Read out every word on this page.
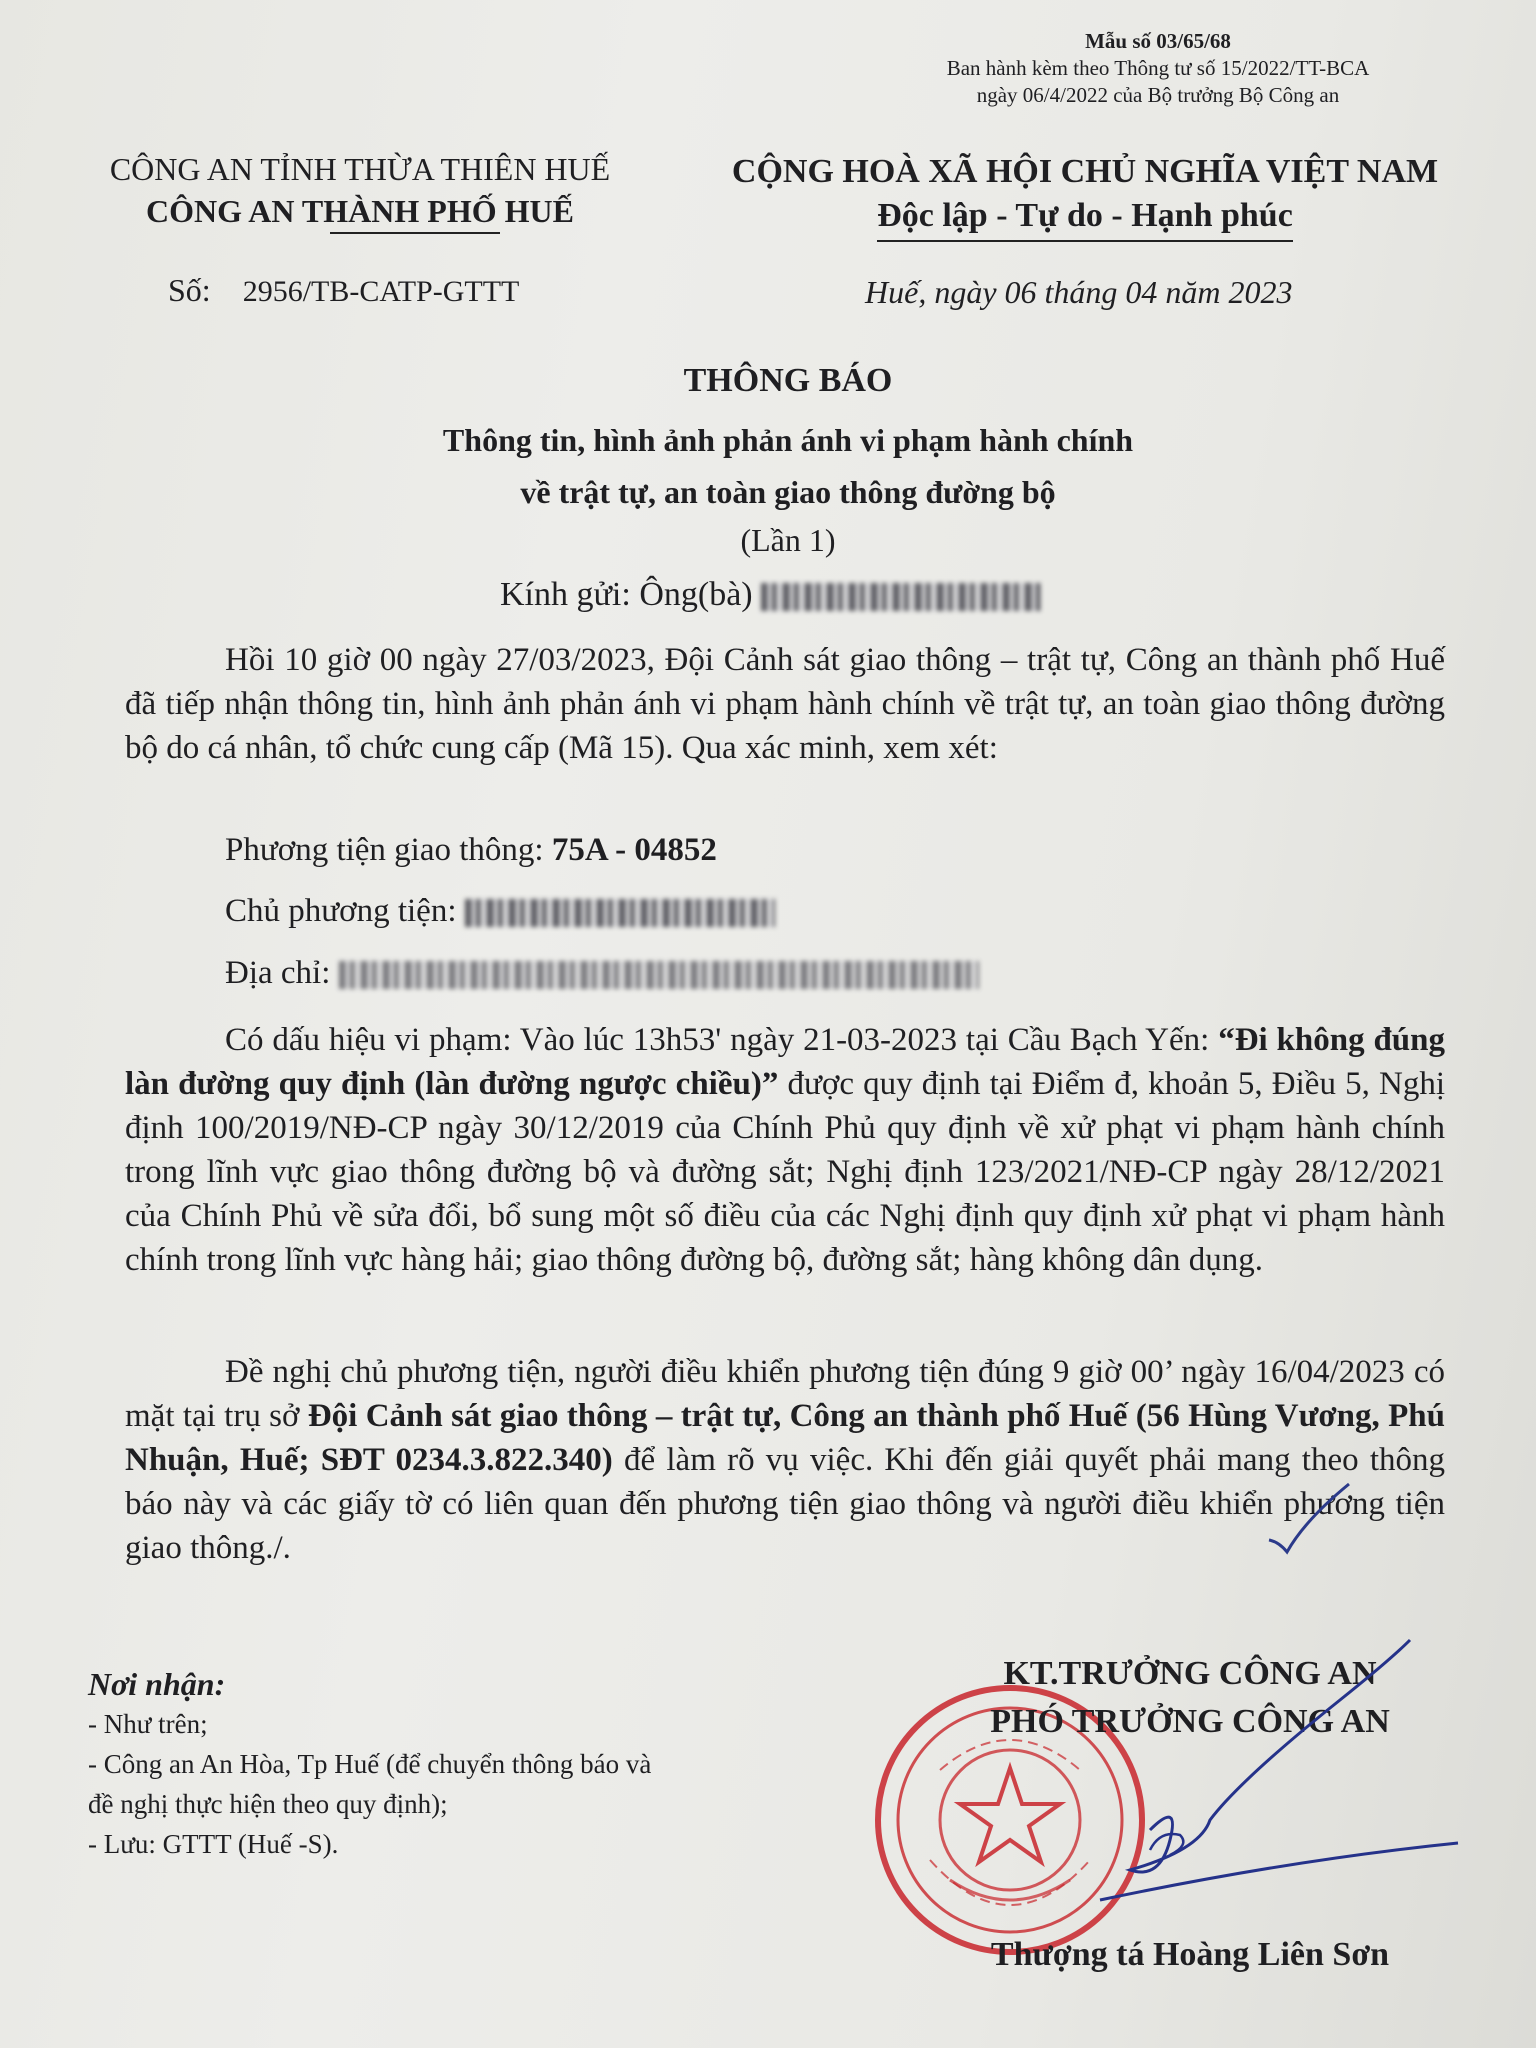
Mẫu số 03/65/68
Ban hành kèm theo Thông tư số 15/2022/TT-BCA
ngày 06/4/2022 của Bộ trưởng Bộ Công an
CÔNG AN TỈNH THỪA THIÊN HUẾ
CÔNG AN THÀNH PHỐ HUẾ
CỘNG HOÀ XÃ HỘI CHỦ NGHĨA VIỆT NAM
Độc lập - Tự do - Hạnh phúc
Số: 2956/TB-CATP-GTTT	Huế, ngày 06 tháng 04 năm 2023
THÔNG BÁO
Thông tin, hình ảnh phản ánh vi phạm hành chính
về trật tự, an toàn giao thông đường bộ
(Lần 1)
Kính gửi: Ông(bà)
Hồi 10 giờ 00 ngày 27/03/2023, Đội Cảnh sát giao thông – trật tự, Công an thành phố Huế đã tiếp nhận thông tin, hình ảnh phản ánh vi phạm hành chính về trật tự, an toàn giao thông đường bộ do cá nhân, tổ chức cung cấp (Mã 15). Qua xác minh, xem xét:
Phương tiện giao thông: 75A - 04852
Chủ phương tiện:
Địa chỉ:
Có dấu hiệu vi phạm: Vào lúc 13h53' ngày 21-03-2023 tại Cầu Bạch Yến: “Đi không đúng làn đường quy định (làn đường ngược chiều)” được quy định tại Điểm đ, khoản 5, Điều 5, Nghị định 100/2019/NĐ-CP ngày 30/12/2019 của Chính Phủ quy định về xử phạt vi phạm hành chính trong lĩnh vực giao thông đường bộ và đường sắt; Nghị định 123/2021/NĐ-CP ngày 28/12/2021 của Chính Phủ về sửa đổi, bổ sung một số điều của các Nghị định quy định xử phạt vi phạm hành chính trong lĩnh vực hàng hải; giao thông đường bộ, đường sắt; hàng không dân dụng.
Đề nghị chủ phương tiện, người điều khiển phương tiện đúng 9 giờ 00’ ngày 16/04/2023 có mặt tại trụ sở Đội Cảnh sát giao thông – trật tự, Công an thành phố Huế (56 Hùng Vương, Phú Nhuận, Huế; SĐT 0234.3.822.340) để làm rõ vụ việc. Khi đến giải quyết phải mang theo thông báo này và các giấy tờ có liên quan đến phương tiện giao thông và người điều khiển phương tiện giao thông./.
Nơi nhận:
- Như trên;
- Công an An Hòa, Tp Huế (để chuyển thông báo và
đề nghị thực hiện theo quy định);
- Lưu: GTTT (Huế -S).
KT.TRƯỞNG CÔNG AN
PHÓ TRƯỞNG CÔNG AN
Thượng tá Hoàng Liên Sơn
